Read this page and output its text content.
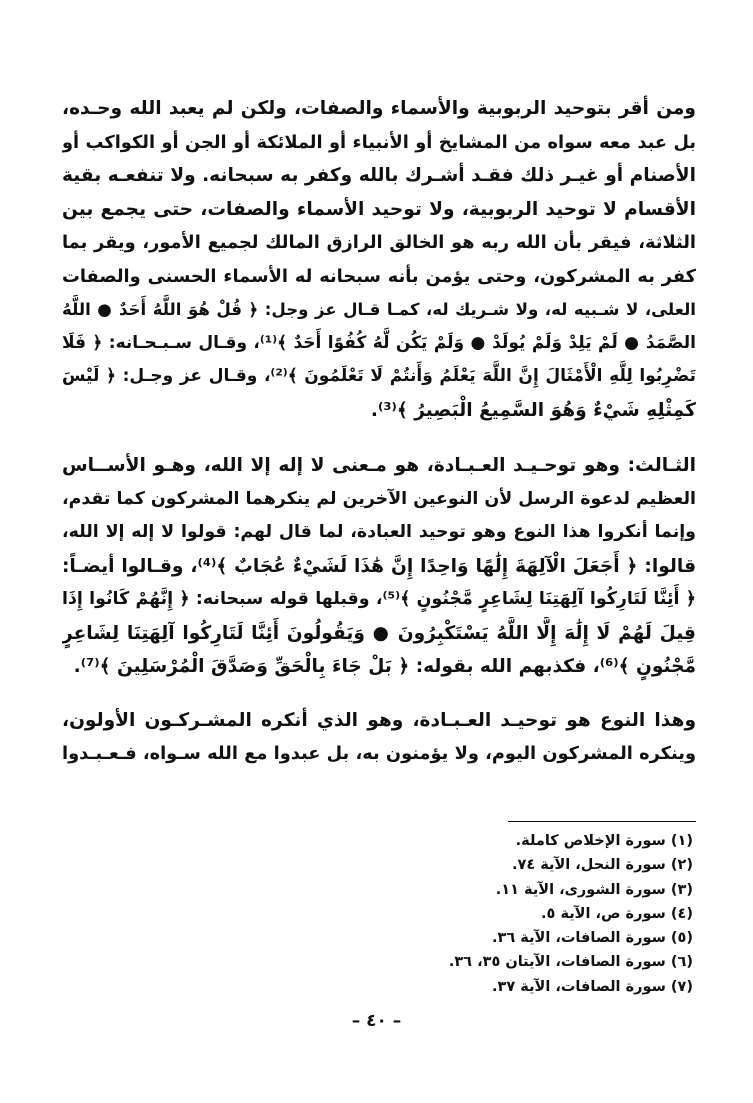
ومن أقر بتوحيد الربوبية والأسماء والصفات، ولكن لم يعبد الله وحـده،
بل عبد معه سواه من المشايخ أو الأنبياء أو الملائكة أو الجن أو الكواكب أو
الأصنام أو غيـر ذلك فقـد أشـرك بالله وكفر به سبحانه. ولا تنفعـه بقية
الأقسام لا توحيد الربوبية، ولا توحيد الأسماء والصفات، حتى يجمع بين
الثلاثة، فيقر بأن الله ربه هو الخالق الرازق المالك لجميع الأمور، ويقر بما
كفر به المشركون، وحتى يؤمن بأنه سبحانه له الأسماء الحسنى والصفات
العلى، لا شـبيه له، ولا شـريك له، كمـا قـال عز وجل: ﴿ قُلْ هُوَ اللَّهُ أَحَدٌ ● اللَّهُ
الصَّمَدُ ● لَمْ يَلِدْ وَلَمْ يُولَدْ ● وَلَمْ يَكُن لَّهُ كُفُوًا أَحَدٌ ﴾⁽¹⁾، وقـال سـبـحـانه: ﴿ فَلَا
تَضْرِبُوا لِلَّهِ الْأَمْثَالَ إِنَّ اللَّهَ يَعْلَمُ وَأَنتُمْ لَا تَعْلَمُونَ ﴾⁽²⁾، وقـال عز وجـل: ﴿ لَيْسَ
كَمِثْلِهِ شَيْءٌ وَهُوَ السَّمِيعُ الْبَصِيرُ ﴾⁽³⁾.

الثـالث: وهو توحـيـد العـبـادة، هو مـعنى لا إله إلا الله، وهـو الأسـ‍ـاس
العظيم لدعوة الرسل لأن النوعين الآخرين لم ينكرهما المشركون كما تقدم،
وإنما أنكروا هذا النوع وهو توحيد العبادة، لما قال لهم: قولوا لا إله إلا الله،
قالوا: ﴿ أَجَعَلَ الْآلِهَةَ إِلَٰهًا وَاحِدًا إِنَّ هَٰذَا لَشَيْءٌ عُجَابٌ ﴾⁽⁴⁾، وقـالوا أيضـاً:
﴿ أَئِنَّا لَتَارِكُوا آلِهَتِنَا لِشَاعِرٍ مَّجْنُونٍ ﴾⁽⁵⁾، وقبلها قوله سبحانه: ﴿ إِنَّهُمْ كَانُوا إِذَا
قِيلَ لَهُمْ لَا إِلَٰهَ إِلَّا اللَّهُ يَسْتَكْبِرُونَ ● وَيَقُولُونَ أَئِنَّا لَتَارِكُوا آلِهَتِنَا لِشَاعِرٍ
مَّجْنُونٍ ﴾⁽⁶⁾، فكذبهم الله بقوله: ﴿ بَلْ جَاءَ بِالْحَقِّ وَصَدَّقَ الْمُرْسَلِينَ ﴾⁽⁷⁾.

وهذا النوع هو توحيـد العـبـادة، وهو الذي أنكره المشـركـون الأولون،
وينكره المشركون اليوم، ولا يؤمنون به، بل عبدوا مع الله سـواه، فـعـبـدوا

(١) سورة الإخلاص كاملة.
(٢) سورة النحل، الآية ٧٤.
(٣) سورة الشورى، الآية ١١.
(٤) سورة ص، الآية ٥.
(٥) سورة الصافات، الآية ٣٦.
(٦) سورة الصافات، الآيتان ٣٥، ٣٦.
(٧) سورة الصافات، الآية ٣٧.
– ٤٠ –
